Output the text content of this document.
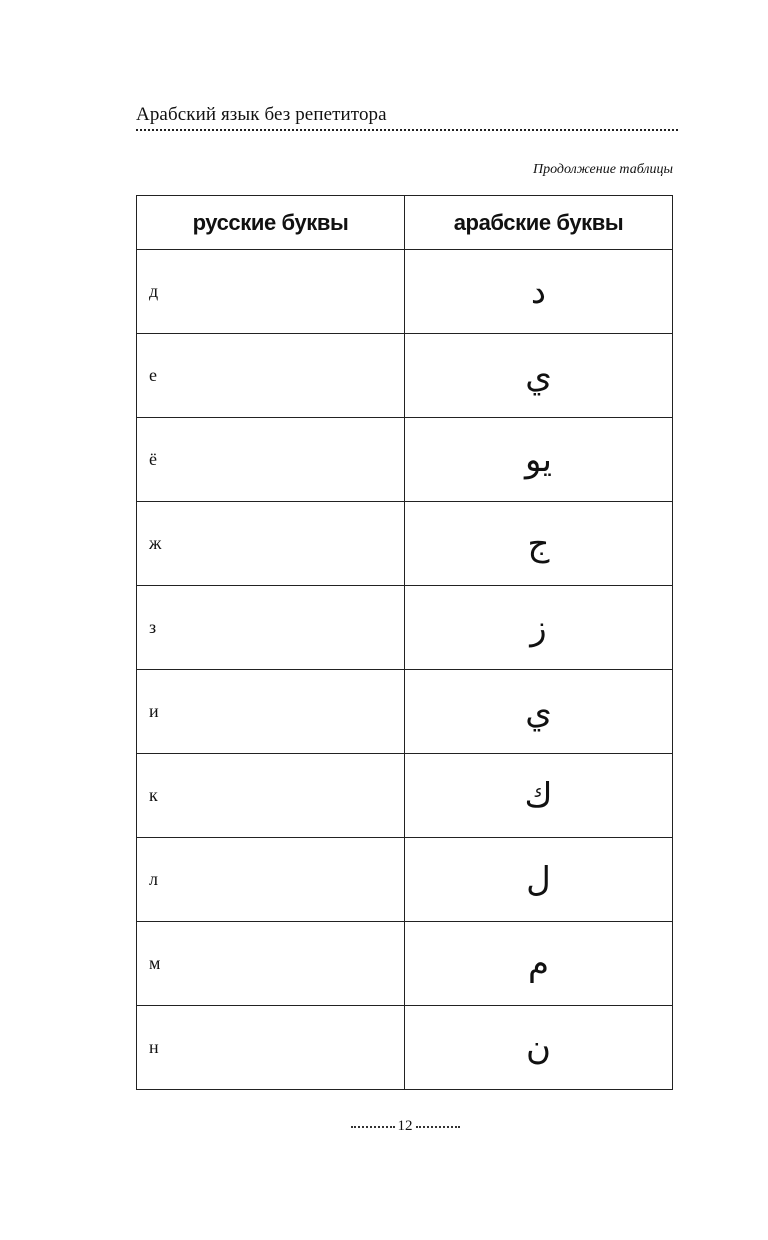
Арабский язык без репетитора
Продолжение таблицы
русские буквы	арабские буквы
д	د
е	ي
ё	يو
ж	ج
з	ز
и	ي
к	ك
л	ل
м	م
н	ن
12
